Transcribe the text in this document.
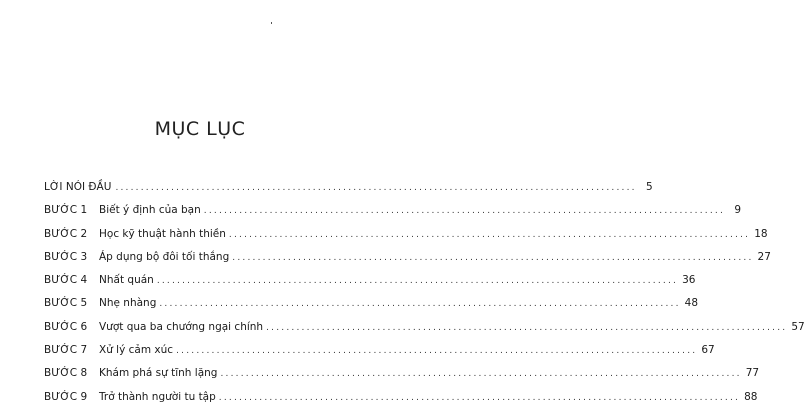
MỤC LỤC
LỜI NÓI ĐẦU ....................................................................................................... 5
BƯỚC 1	Biết ý định của bạn ....................................................................................................... 9
BƯỚC 2	Học kỹ thuật hành thiền ....................................................................................................... 18
BƯỚC 3	Áp dụng bộ đôi tối thắng ....................................................................................................... 27
BƯỚC 4	Nhất quán ....................................................................................................... 36
BƯỚC 5	Nhẹ nhàng ....................................................................................................... 48
BƯỚC 6	Vượt qua ba chướng ngại chính ....................................................................................................... 57
BƯỚC 7	Xử lý cảm xúc ....................................................................................................... 67
BƯỚC 8	Khám phá sự tĩnh lặng ....................................................................................................... 77
BƯỚC 9	Trở thành người tu tập ....................................................................................................... 88
